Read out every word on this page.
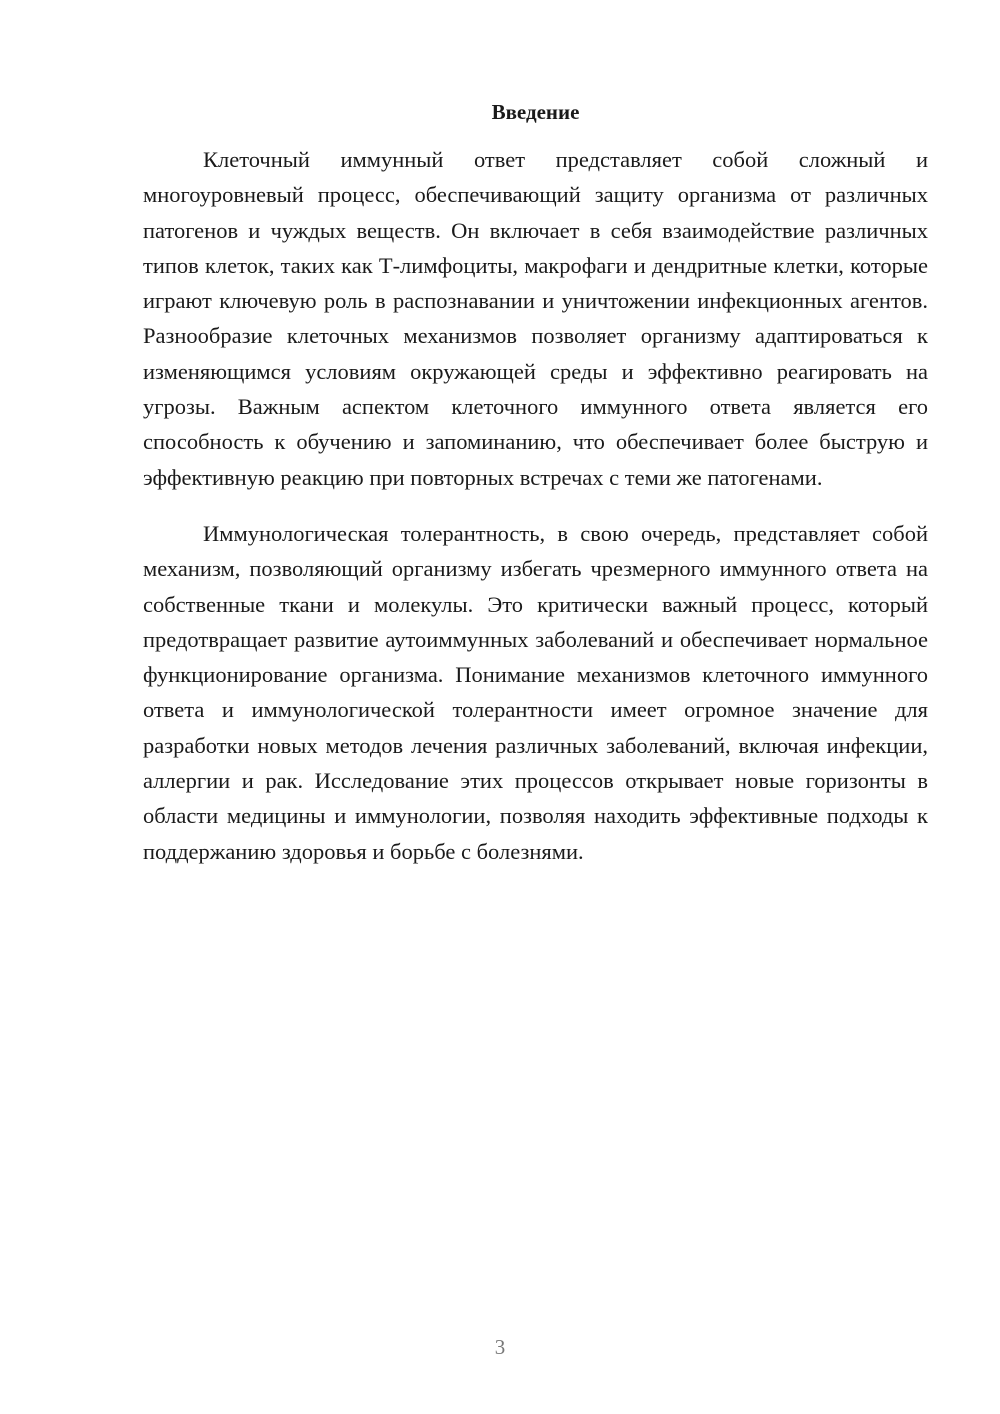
Введение

Клеточный иммунный ответ представляет собой сложный и многоуровневый процесс, обеспечивающий защиту организма от различных патогенов и чуждых веществ. Он включает в себя взаимодействие различных типов клеток, таких как Т-лимфоциты, макрофаги и дендритные клетки, которые играют ключевую роль в распознавании и уничтожении инфекционных агентов. Разнообразие клеточных механизмов позволяет организму адаптироваться к изменяющимся условиям окружающей среды и эффективно реагировать на угрозы. Важным аспектом клеточного иммунного ответа является его способность к обучению и запоминанию, что обеспечивает более быструю и эффективную реакцию при повторных встречах с теми же патогенами.

Иммунологическая толерантность, в свою очередь, представляет собой механизм, позволяющий организму избегать чрезмерного иммунного ответа на собственные ткани и молекулы. Это критически важный процесс, который предотвращает развитие аутоиммунных заболеваний и обеспечивает нормальное функционирование организма. Понимание механизмов клеточного иммунного ответа и иммунологической толерантности имеет огромное значение для разработки новых методов лечения различных заболеваний, включая инфекции, аллергии и рак. Исследование этих процессов открывает новые горизонты в области медицины и иммунологии, позволяя находить эффективные подходы к поддержанию здоровья и борьбе с болезнями.

3
